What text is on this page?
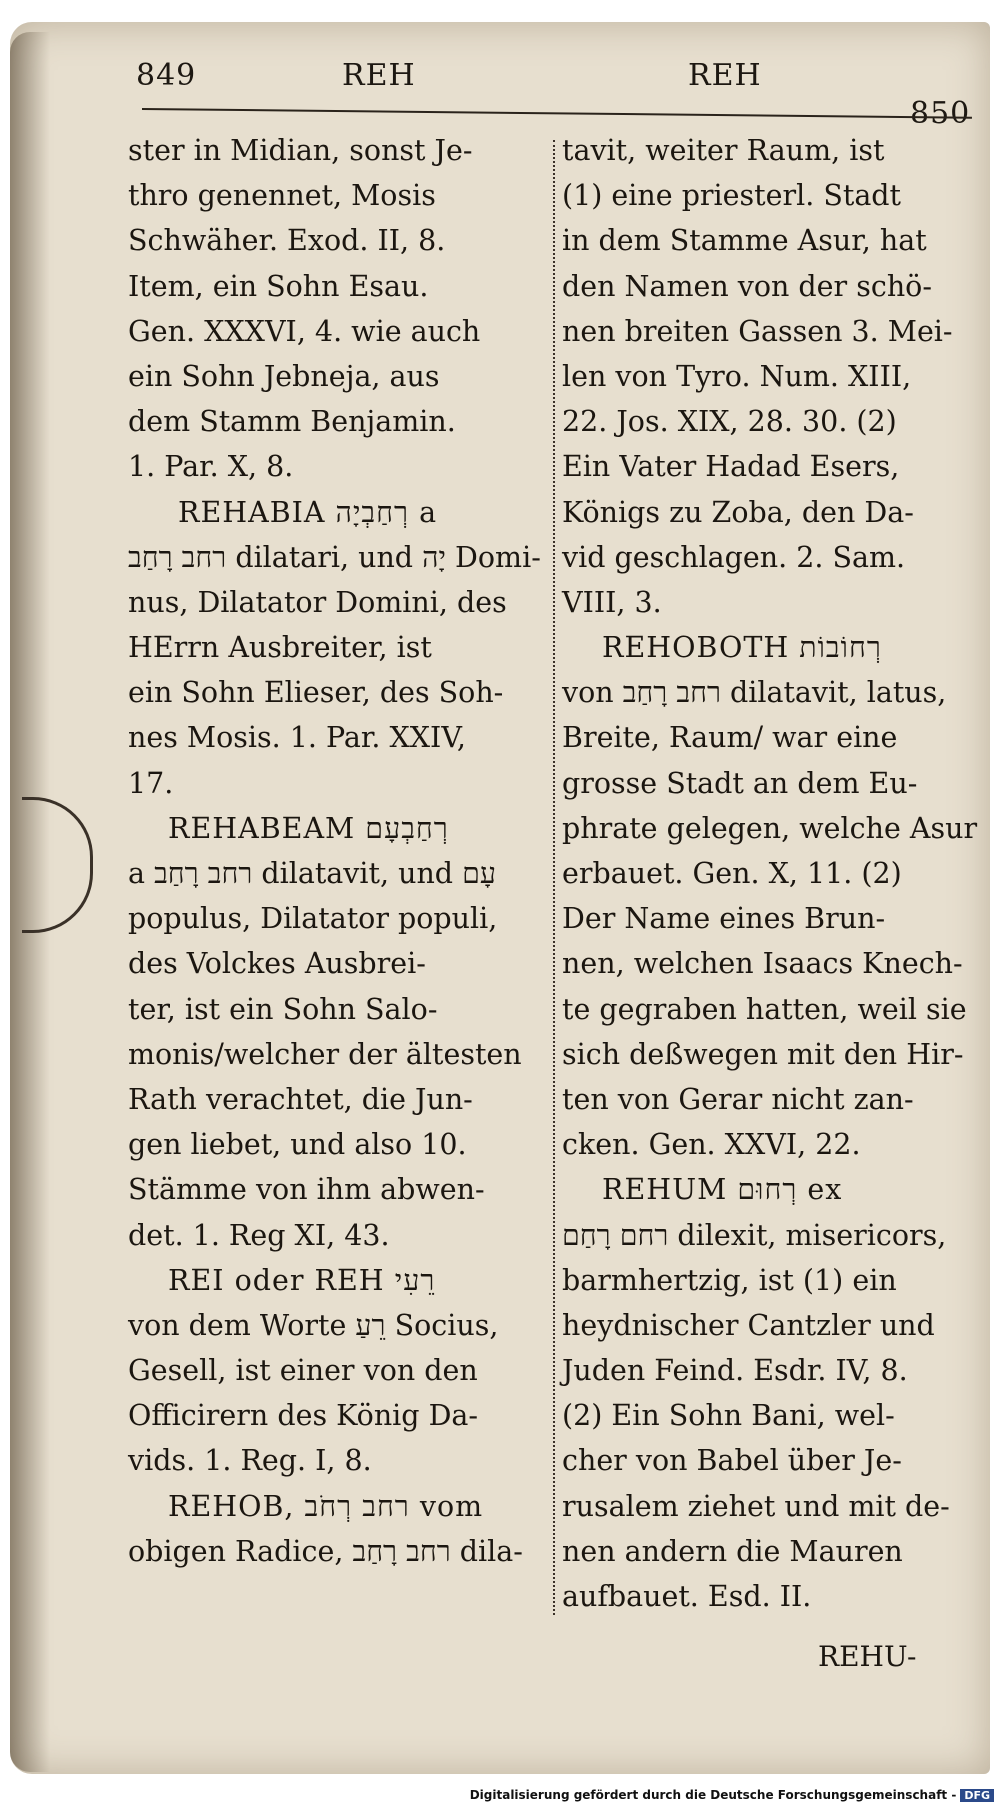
849	REH	REH
850
ster in Midian, sonst Je-
thro genennet, Mosis
Schwäher. Exod. II, 8.
Item, ein Sohn Esau.
Gen. XXXVI, 4. wie auch
ein Sohn Jebneja, aus
dem Stamm Benjamin.
1. Par. X, 8.
REHABIA רְחַבְיָה a
רחב רָחַב dilatari, und יָה Domi-
nus, Dilatator Domini, des
HErrn Ausbreiter, ist
ein Sohn Elieser, des Soh-
nes Mosis. 1. Par. XXIV,
17.
REHABEAM רְחַבְעָם
a רחב רָחַב dilatavit, und עָם
populus, Dilatator populi,
des Volckes Ausbrei-
ter, ist ein Sohn Salo-
monis/welcher der ältesten
Rath verachtet, die Jun-
gen liebet, und also 10.
Stämme von ihm abwen-
det. 1. Reg XI, 43.
REI oder REH רֵעִי
von dem Worte רֵעַ Socius,
Gesell, ist einer von den
Officirern des König Da-
vids. 1. Reg. I, 8.
REHOB, רחב רְחֹב vom
obigen Radice, רחב רָחַב dila-
tavit, weiter Raum, ist
(1) eine priesterl. Stadt
in dem Stamme Asur, hat
den Namen von der schö-
nen breiten Gassen 3. Mei-
len von Tyro. Num. XIII,
22. Jos. XIX, 28. 30. (2)
Ein Vater Hadad Esers,
Königs zu Zoba, den Da-
vid geschlagen. 2. Sam.
VIII, 3.
REHOBOTH רְחוֹבוֹת
von רחב רָחַב dilatavit, latus,
Breite, Raum/ war eine
grosse Stadt an dem Eu-
phrate gelegen, welche Asur
erbauet. Gen. X, 11. (2)
Der Name eines Brun-
nen, welchen Isaacs Knech-
te gegraben hatten, weil sie
sich deßwegen mit den Hir-
ten von Gerar nicht zan-
cken. Gen. XXVI, 22.
REHUM רְחוּם ex
רחם רָחַם dilexit, misericors,
barmhertzig, ist (1) ein
heydnischer Cantzler und
Juden Feind. Esdr. IV, 8.
(2) Ein Sohn Bani, wel-
cher von Babel über Je-
rusalem ziehet und mit de-
nen andern die Mauren
aufbauet. Esd. II.
REHU-
Digitalisierung gefördert durch die Deutsche Forschungsgemeinschaft - DFG
